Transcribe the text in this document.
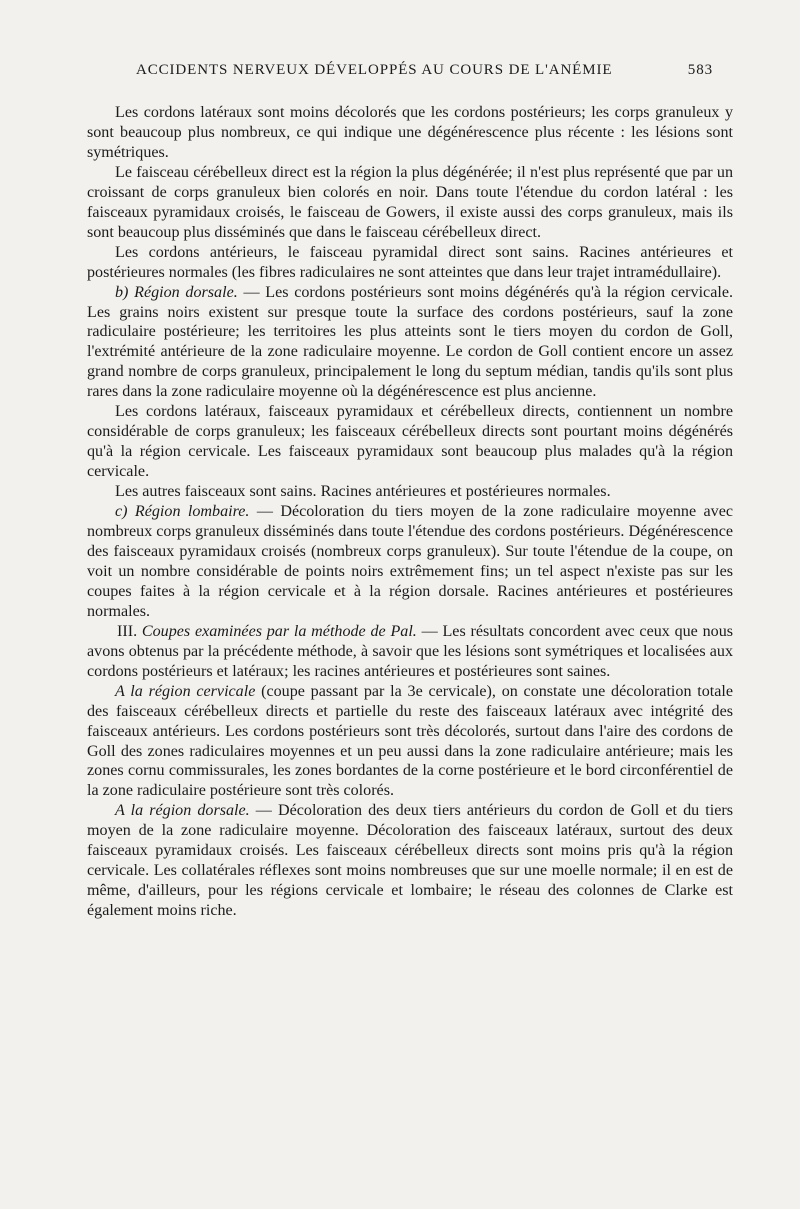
ACCIDENTS NERVEUX DÉVELOPPÉS AU COURS DE L'ANÉMIE	583

Les cordons latéraux sont moins décolorés que les cordons postérieurs; les corps granuleux y sont beaucoup plus nombreux, ce qui indique une dégénérescence plus récente : les lésions sont symétriques.

Le faisceau cérébelleux direct est la région la plus dégénérée; il n'est plus représenté que par un croissant de corps granuleux bien colorés en noir. Dans toute l'étendue du cordon latéral : les faisceaux pyramidaux croisés, le faisceau de Gowers, il existe aussi des corps granuleux, mais ils sont beaucoup plus disséminés que dans le faisceau cérébelleux direct.

Les cordons antérieurs, le faisceau pyramidal direct sont sains. Racines antérieures et postérieures normales (les fibres radiculaires ne sont atteintes que dans leur trajet intramédullaire).

b) Région dorsale. — Les cordons postérieurs sont moins dégénérés qu'à la région cervicale. Les grains noirs existent sur presque toute la surface des cordons postérieurs, sauf la zone radiculaire postérieure; les territoires les plus atteints sont le tiers moyen du cordon de Goll, l'extrémité antérieure de la zone radiculaire moyenne. Le cordon de Goll contient encore un assez grand nombre de corps granuleux, principalement le long du septum médian, tandis qu'ils sont plus rares dans la zone radiculaire moyenne où la dégénérescence est plus ancienne.

Les cordons latéraux, faisceaux pyramidaux et cérébelleux directs, contiennent un nombre considérable de corps granuleux; les faisceaux cérébelleux directs sont pourtant moins dégénérés qu'à la région cervicale. Les faisceaux pyramidaux sont beaucoup plus malades qu'à la région cervicale.

Les autres faisceaux sont sains. Racines antérieures et postérieures normales.

c) Région lombaire. — Décoloration du tiers moyen de la zone radiculaire moyenne avec nombreux corps granuleux disséminés dans toute l'étendue des cordons postérieurs. Dégénérescence des faisceaux pyramidaux croisés (nombreux corps granuleux). Sur toute l'étendue de la coupe, on voit un nombre considérable de points noirs extrêmement fins; un tel aspect n'existe pas sur les coupes faites à la région cervicale et à la région dorsale. Racines antérieures et postérieures normales.

III. Coupes examinées par la méthode de Pal. — Les résultats concordent avec ceux que nous avons obtenus par la précédente méthode, à savoir que les lésions sont symétriques et localisées aux cordons postérieurs et latéraux; les racines antérieures et postérieures sont saines.

A la région cervicale (coupe passant par la 3e cervicale), on constate une décoloration totale des faisceaux cérébelleux directs et partielle du reste des faisceaux latéraux avec intégrité des faisceaux antérieurs. Les cordons postérieurs sont très décolorés, surtout dans l'aire des cordons de Goll des zones radiculaires moyennes et un peu aussi dans la zone radiculaire antérieure; mais les zones cornu commissurales, les zones bordantes de la corne postérieure et le bord circonférentiel de la zone radiculaire postérieure sont très colorés.

A la région dorsale. — Décoloration des deux tiers antérieurs du cordon de Goll et du tiers moyen de la zone radiculaire moyenne. Décoloration des faisceaux latéraux, surtout des deux faisceaux pyramidaux croisés. Les faisceaux cérébelleux directs sont moins pris qu'à la région cervicale. Les collatérales réflexes sont moins nombreuses que sur une moelle normale; il en est de même, d'ailleurs, pour les régions cervicale et lombaire; le réseau des colonnes de Clarke est également moins riche.
